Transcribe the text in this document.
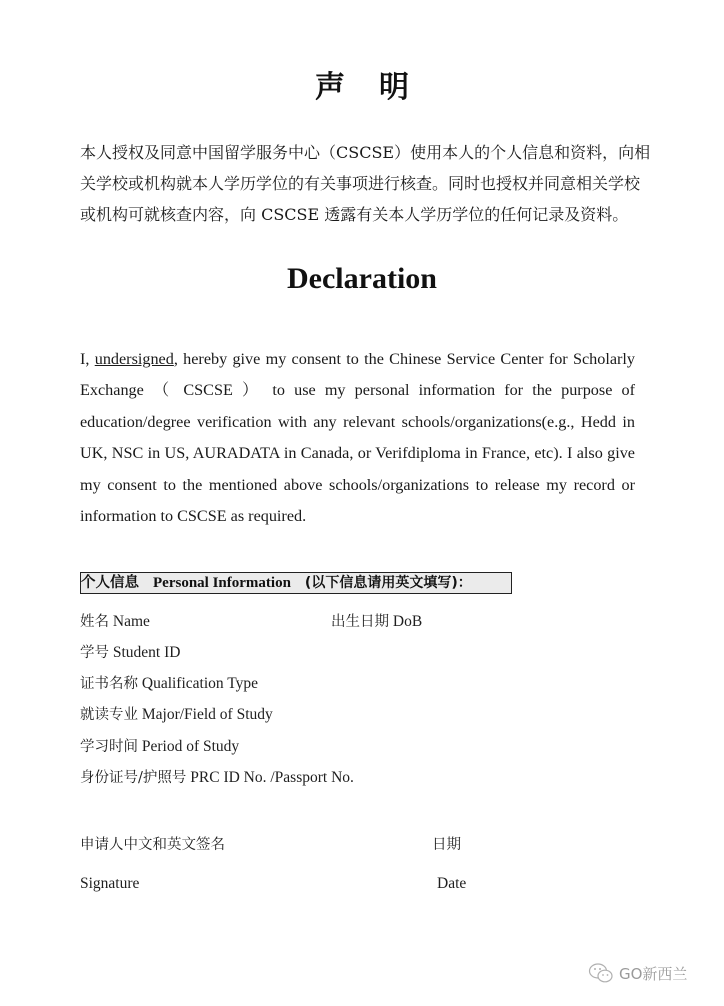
声 明
本人授权及同意中国留学服务中心（CSCSE）使用本人的个人信息和资料，向相
关学校或机构就本人学历学位的有关事项进行核查。同时也授权并同意相关学校
或机构可就核查内容，向 CSCSE 透露有关本人学历学位的任何记录及资料。
Declaration
I, undersigned, hereby give my consent to the Chinese Service Center for Scholarly
Exchange （ CSCSE ） to use my personal information for the purpose of
education/degree verification with any relevant schools/organizations(e.g., Hedd in
UK, NSC in US, AURADATA in Canada, or Verifdiploma in France, etc). I also give
my consent to the mentioned above schools/organizations to release my record or
information to CSCSE as required.
个人信息 Personal Information (以下信息请用英文填写)：
姓名 Name	出生日期 DoB
学号 Student ID
证书名称 Qualification Type
就读专业 Major/Field of Study
学习时间 Period of Study
身份证号/护照号 PRC ID No. /Passport No.
申请人中文和英文签名	日期
Signature	Date
GO新西兰
